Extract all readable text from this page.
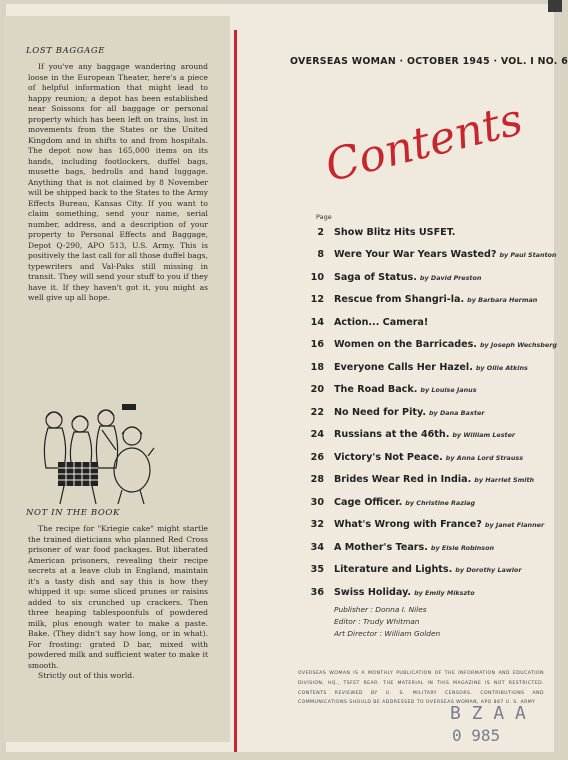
LOST BAGGAGE

If you've any baggage wandering around loose in the European Theater, here's a piece of helpful information that might lead to happy reunion; a depot has been established near Soissons for all baggage or personal property which has been left on trains, lost in movements from the States or the United Kingdom and in shifts to and from hospitals. The depot now has 165,000 items on its hands, including footlockers, duffel bags, musette bags, bedrolls and hand luggage. Anything that is not claimed by 8 November will be shipped back to the States to the Army Effects Bureau, Kansas City. If you want to claim something, send your name, serial number, address, and a description of your property to Personal Effects and Baggage, Depot Q-290, APO 513, U.S. Army. This is positively the last call for all those duffel bags, typewriters and Val-Paks still missing in transit. They will send your stuff to you if they have it. If they haven't got it, you might as well give up all hope.

NOT IN THE BOOK

The recipe for "Kriegie cake" might startle the trained dieticians who planned Red Cross prisoner of war food packages. But liberated American prisoners, revealing their recipe secrets at a leave club in England, maintain it's a tasty dish and say this is how they whipped it up: some sliced prunes or raisins added to six crunched up crackers. Then three heaping tablespoonfuls of powdered milk, plus enough water to make a paste. Bake. (They didn't say how long, or in what). For frosting: grated D bar, mixed with powdered milk and sufficient water to make it smooth.

Strictly out of this world.

OVERSEAS WOMAN · OCTOBER 1945 · VOL. I NO. 6
Contents
Page
2 Show Blitz Hits USFET.
8 Were Your War Years Wasted? by Paul Stanton
10 Saga of Status. by David Preston
12 Rescue from Shangri-la. by Barbara Herman
14 Action... Camera!
16 Women on the Barricades. by Joseph Wechsberg
18 Everyone Calls Her Hazel. by Ollie Atkins
20 The Road Back. by Louise Janus
22 No Need for Pity. by Dana Baxter
24 Russians at the 46th. by William Lester
26 Victory's Not Peace. by Anna Lord Strauss
28 Brides Wear Red in India. by Harriet Smith
30 Cage Officer. by Christine Razlag
32 What's Wrong with France? by Janet Flanner
34 A Mother's Tears. by Elsie Robinson
35 Literature and Lights. by Dorothy Lawlor
36 Swiss Holiday. by Emily Mikszto
Publisher : Donna I. Niles
Editor : Trudy Whitman
Art Director : William Golden
OVERSEAS WOMAN IS A MONTHLY PUBLICATION OF THE INFORMATION AND EDUCATION DIVISION, HQ., TSFET REAR. THE MATERIAL IN THIS MAGAZINE IS NOT RESTRICTED. CONTENTS REVIEWED BY U. S. MILITARY CENSORS. CONTRIBUTIONS AND COMMUNICATIONS SHOULD BE ADDRESSED TO OVERSEAS WOMAN, APO 887 U. S. ARMY
B Z A A
0 985
